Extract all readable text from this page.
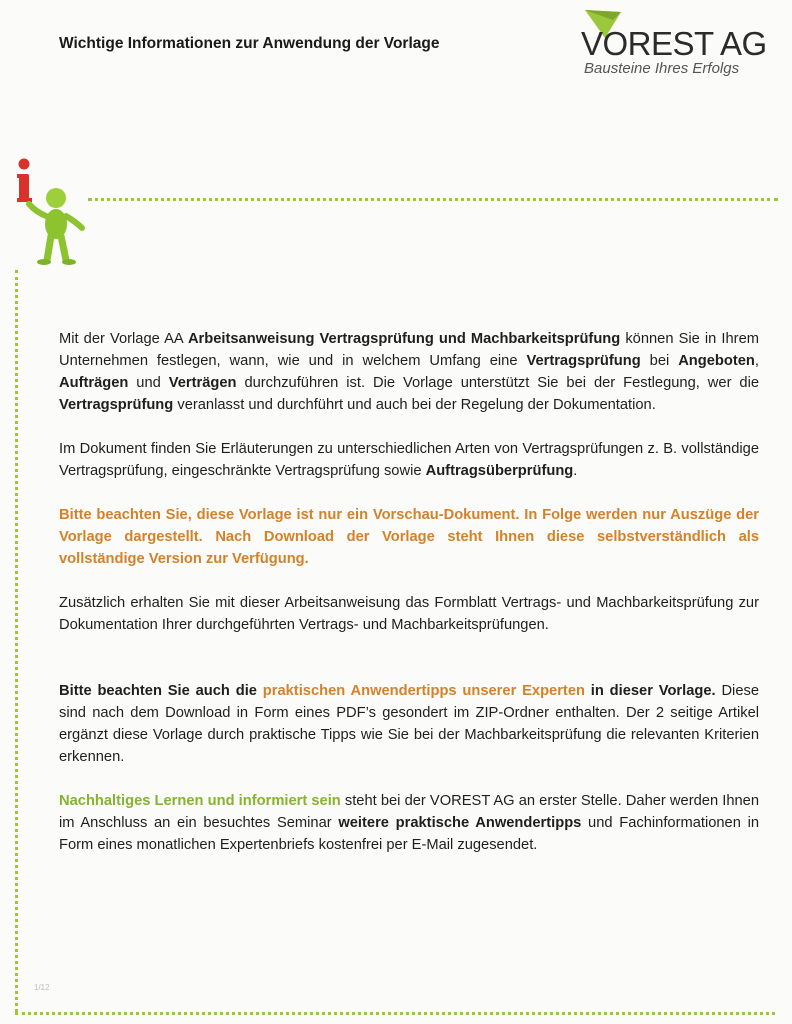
Wichtige Informationen zur Anwendung der Vorlage	VOREST AG
Bausteine Ihres Erfolgs

Mit der Vorlage AA Arbeitsanweisung Vertragsprüfung und Machbarkeitsprüfung können Sie in Ihrem Unternehmen festlegen, wann, wie und in welchem Umfang eine Vertragsprüfung bei Angeboten, Aufträgen und Verträgen durchzuführen ist. Die Vorlage unterstützt Sie bei der Festlegung, wer die Vertragsprüfung veranlasst und durchführt und auch bei der Regelung der Dokumentation.

Im Dokument finden Sie Erläuterungen zu unterschiedlichen Arten von Vertragsprüfungen z. B. vollständige Vertragsprüfung, eingeschränkte Vertragsprüfung sowie Auftragsüberprüfung.

Bitte beachten Sie, diese Vorlage ist nur ein Vorschau-Dokument. In Folge werden nur Auszüge der Vorlage dargestellt. Nach Download der Vorlage steht Ihnen diese selbstverständlich als vollständige Version zur Verfügung.

Zusätzlich erhalten Sie mit dieser Arbeitsanweisung das Formblatt Vertrags- und Machbarkeitsprüfung zur Dokumentation Ihrer durchgeführten Vertrags- und Machbarkeitsprüfungen.

Bitte beachten Sie auch die praktischen Anwendertipps unserer Experten in dieser Vorlage. Diese sind nach dem Download in Form eines PDF’s gesondert im ZIP-Ordner enthalten. Der 2 seitige Artikel ergänzt diese Vorlage durch praktische Tipps wie Sie bei der Machbarkeitsprüfung die relevanten Kriterien erkennen.

Nachhaltiges Lernen und informiert sein steht bei der VOREST AG an erster Stelle. Daher werden Ihnen im Anschluss an ein besuchtes Seminar weitere praktische Anwendertipps und Fachinformationen in Form eines monatlichen Expertenbriefs kostenfrei per E-Mail zugesendet.

1/12
